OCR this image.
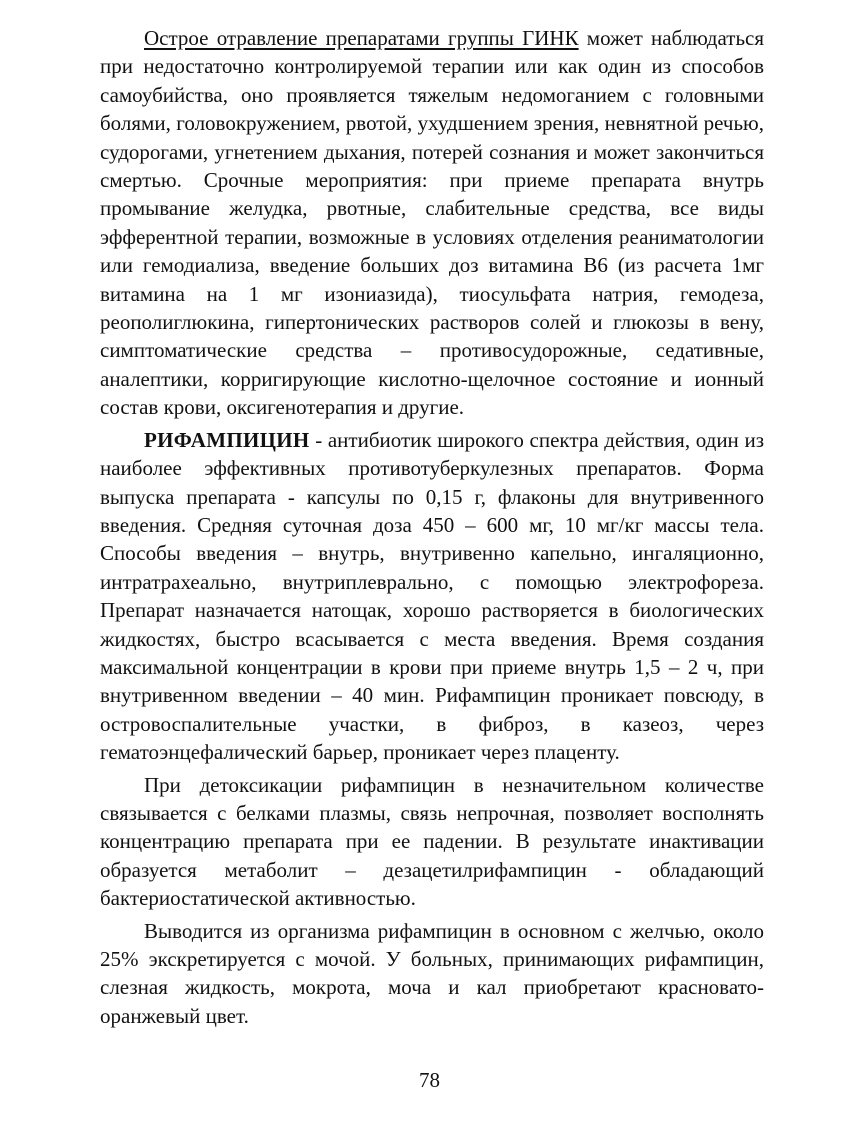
Острое отравление препаратами группы ГИНК может наблюдаться при недостаточно контролируемой терапии или как один из способов самоубийства, оно проявляется тяжелым недомоганием с головными болями, головокружением, рвотой, ухудшением зрения, невнятной речью, судорогами, угнетением дыхания, потерей сознания и может закончиться смертью. Срочные мероприятия: при приеме препарата внутрь промывание желудка, рвотные, слабительные средства, все виды эфферентной терапии, возможные в условиях отделения реаниматологии или гемодиализа, введение больших доз витамина В6 (из расчета 1мг витамина на 1 мг изониазида), тиосульфата натрия, гемодеза, реополиглюкина, гипертонических растворов солей и глюкозы в вену, симптоматические средства – противосудорожные, седативные, аналептики, корригирующие кислотно-щелочное состояние и ионный состав крови, оксигенотерапия и другие.

РИФАМПИЦИН - антибиотик широкого спектра действия, один из наиболее эффективных противотуберкулезных препаратов. Форма выпуска препарата - капсулы по 0,15 г, флаконы для внутривенного введения. Средняя суточная доза 450 – 600 мг, 10 мг/кг массы тела. Способы введения – внутрь, внутривенно капельно, ингаляционно, интратрахеально, внутриплеврально, с помощью электрофореза. Препарат назначается натощак, хорошо растворяется в биологических жидкостях, быстро всасывается с места введения. Время создания максимальной концентрации в крови при приеме внутрь 1,5 – 2 ч, при внутривенном введении – 40 мин. Рифампицин проникает повсюду, в островоспалительные участки, в фиброз, в казеоз, через гематоэнцефалический барьер, проникает через плаценту.

При детоксикации рифампицин в незначительном количестве связывается с белками плазмы, связь непрочная, позволяет восполнять концентрацию препарата при ее падении. В результате инактивации образуется метаболит – дезацетилрифампицин - обладающий бактериостатической активностью.

Выводится из организма рифампицин в основном с желчью, около 25% экскретируется с мочой. У больных, принимающих рифампицин, слезная жидкость, мокрота, моча и кал приобретают красновато-оранжевый цвет.

78
